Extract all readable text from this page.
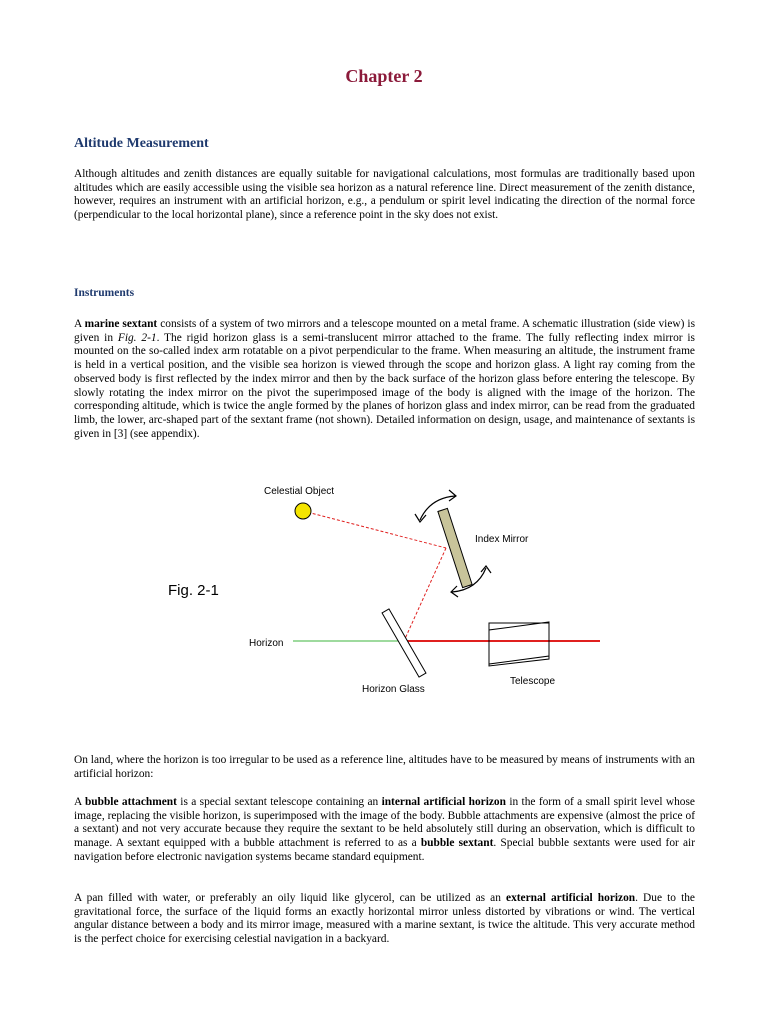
Chapter 2
Altitude Measurement

Although altitudes and zenith distances are equally suitable for navigational calculations, most formulas are traditionally based upon altitudes which are easily accessible using the visible sea horizon as a natural reference line. Direct measurement of the zenith distance, however, requires an instrument with an artificial horizon, e.g., a pendulum or spirit level indicating the direction of the normal force (perpendicular to the local horizontal plane), since a reference point in the sky does not exist.

Instruments

A marine sextant consists of a system of two mirrors and a telescope mounted on a metal frame. A schematic illustration (side view) is given in Fig. 2-1. The rigid horizon glass is a semi-translucent mirror attached to the frame. The fully reflecting index mirror is mounted on the so-called index arm rotatable on a pivot perpendicular to the frame. When measuring an altitude, the instrument frame is held in a vertical position, and the visible sea horizon is viewed through the scope and horizon glass. A light ray coming from the observed body is first reflected by the index mirror and then by the back surface of the horizon glass before entering the telescope. By slowly rotating the index mirror on the pivot the superimposed image of the body is aligned with the image of the horizon. The corresponding altitude, which is twice the angle formed by the planes of horizon glass and index mirror, can be read from the graduated limb, the lower, arc-shaped part of the sextant frame (not shown). Detailed information on design, usage, and maintenance of sextants is given in [3] (see appendix).

Celestial Object
Index Mirror
Fig. 2-1
Horizon
Horizon Glass
Telescope

On land, where the horizon is too irregular to be used as a reference line, altitudes have to be measured by means of instruments with an artificial horizon:

A bubble attachment is a special sextant telescope containing an internal artificial horizon in the form of a small spirit level whose image, replacing the visible horizon, is superimposed with the image of the body. Bubble attachments are expensive (almost the price of a sextant) and not very accurate because they require the sextant to be held absolutely still during an observation, which is difficult to manage. A sextant equipped with a bubble attachment is referred to as a bubble sextant. Special bubble sextants were used for air navigation before electronic navigation systems became standard equipment.

A pan filled with water, or preferably an oily liquid like glycerol, can be utilized as an external artificial horizon. Due to the gravitational force, the surface of the liquid forms an exactly horizontal mirror unless distorted by vibrations or wind. The vertical angular distance between a body and its mirror image, measured with a marine sextant, is twice the altitude. This very accurate method is the perfect choice for exercising celestial navigation in a backyard.
